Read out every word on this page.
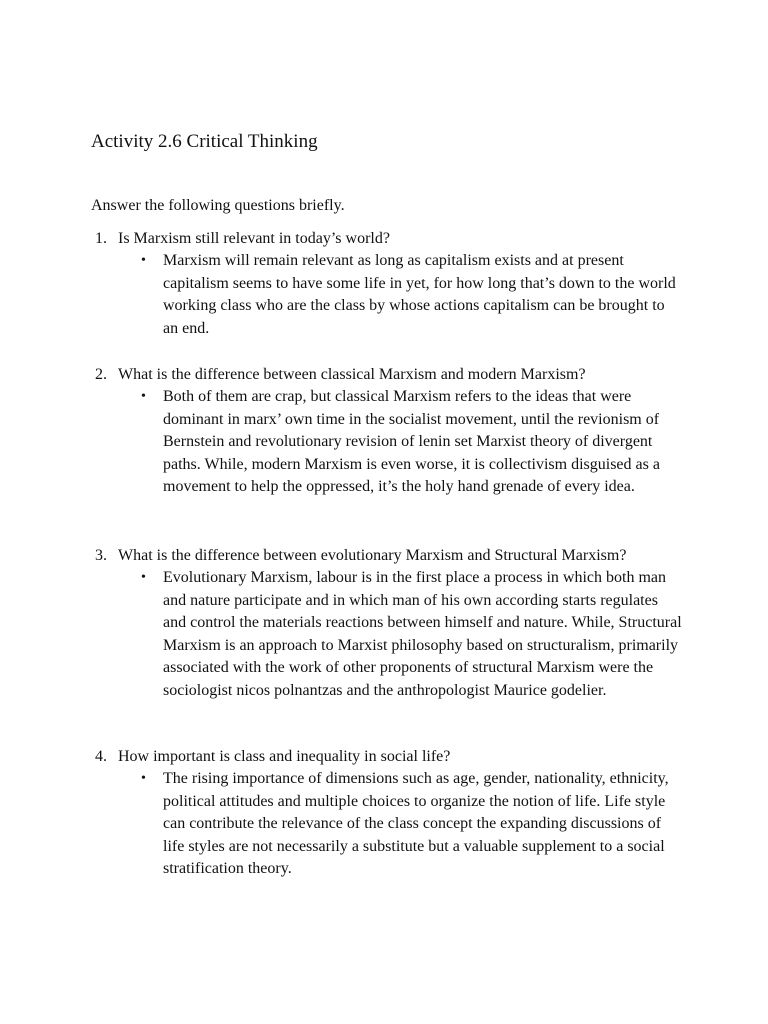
Activity 2.6 Critical Thinking
Answer the following questions briefly.
1. Is Marxism still relevant in today’s world?
• Marxism will remain relevant as long as capitalism exists and at present capitalism seems to have some life in yet, for how long that’s down to the world working class who are the class by whose actions capitalism can be brought to an end.
2. What is the difference between classical Marxism and modern Marxism?
• Both of them are crap, but classical Marxism refers to the ideas that were dominant in marx’ own time in the socialist movement, until the revionism of Bernstein and revolutionary revision of lenin set Marxist theory of divergent paths. While, modern Marxism is even worse, it is collectivism disguised as a movement to help the oppressed, it’s the holy hand grenade of every idea.
3. What is the difference between evolutionary Marxism and Structural Marxism?
• Evolutionary Marxism, labour is in the first place a process in which both man and nature participate and in which man of his own according starts regulates and control the materials reactions between himself and nature. While, Structural Marxism is an approach to Marxist philosophy based on structuralism, primarily associated with the work of other proponents of structural Marxism were the sociologist nicos polnantzas and the anthropologist Maurice godelier.
4. How important is class and inequality in social life?
• The rising importance of dimensions such as age, gender, nationality, ethnicity, political attitudes and multiple choices to organize the notion of life. Life style can contribute the relevance of the class concept the expanding discussions of life styles are not necessarily a substitute but a valuable supplement to a social stratification theory.
